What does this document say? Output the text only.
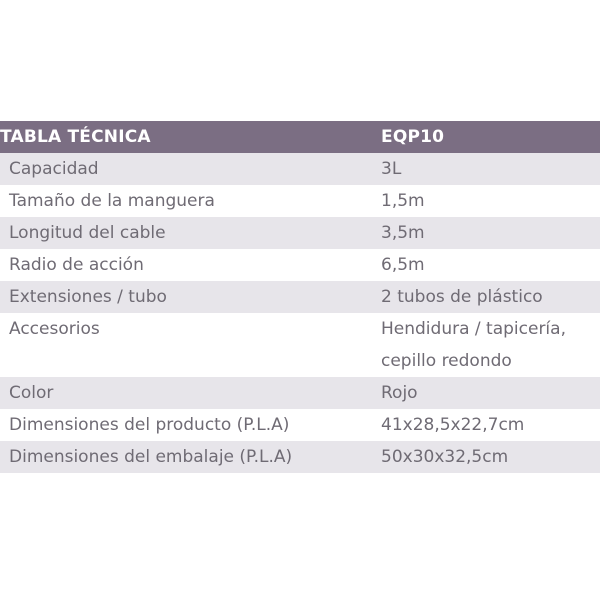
TABLA TÉCNICA	EQP10
Capacidad	3L
Tamaño de la manguera	1,5m
Longitud del cable	3,5m
Radio de acción	6,5m
Extensiones / tubo	2 tubos de plástico
Accesorios	Hendidura / tapicería,
cepillo redondo

Color	Rojo
Dimensiones del producto (P.L.A)	41x28,5x22,7cm
Dimensiones del embalaje (P.L.A)	50x30x32,5cm
